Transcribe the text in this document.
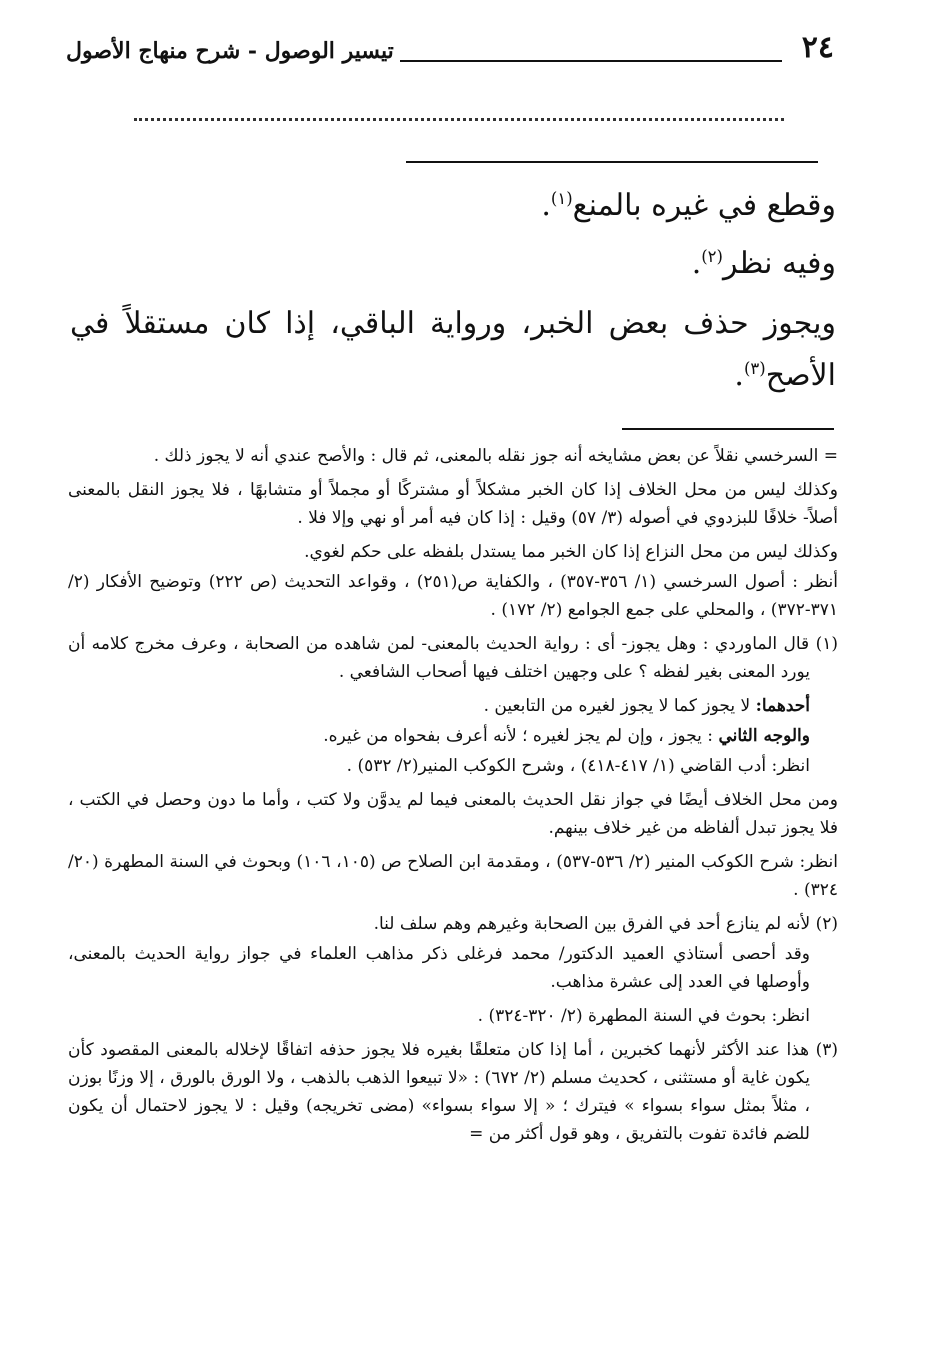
٢٤
تيسير الوصول - شرح منهاج الأصول
وقطع في غيره بالمنع$^{(١)}$.
وفيه نظر$^{(٢)}$.
ويجوز حذف بعض الخبر، ورواية الباقي، إذا كان مستقلاً في الأصح$^{(٣)}$.

= السرخسي نقلاً عن بعض مشايخه أنه جوز نقله بالمعنى، ثم قال : والأصح عندي أنه لا يجوز ذلك .

وكذلك ليس من محل الخلاف إذا كان الخبر مشكلاً أو مشتركًا أو مجملاً أو متشابهًا ، فلا يجوز النقل بالمعنى أصلاً- خلافًا للبزدوي في أصوله (٣/ ٥٧) وقيل : إذا كان فيه أمر أو نهي وإلا فلا .

وكذلك ليس من محل النزاع إذا كان الخبر مما يستدل بلفظه على حكم لغوي.

أنظر : أصول السرخسي (١/ ٣٥٦-٣٥٧) ، والكفاية ص(٢٥١) ، وقواعد التحديث (ص ٢٢٢) وتوضيح الأفكار (٢/ ٣٧١-٣٧٢) ، والمحلي على جمع الجوامع (٢/ ١٧٢) .

(١) قال الماوردي : وهل يجوز- أى : رواية الحديث بالمعنى- لمن شاهده من الصحابة ، وعرف مخرج كلامه أن يورد المعنى بغير لفظه ؟ على وجهين اختلف فيها أصحاب الشافعي .

أحدهما: لا يجوز كما لا يجوز لغيره من التابعين .

والوجه الثاني : يجوز ، وإن لم يجز لغيره ؛ لأنه أعرف بفحواه من غيره.

انظر: أدب القاضي (١/ ٤١٧-٤١٨) ، وشرح الكوكب المنير(٢/ ٥٣٢) .

ومن محل الخلاف أيضًا في جواز نقل الحديث بالمعنى فيما لم يدوَّن ولا كتب ، وأما ما دون وحصل في الكتب ، فلا يجوز تبدل ألفاظه من غير خلاف بينهم.

انظر: شرح الكوكب المنير (٢/ ٥٣٦-٥٣٧) ، ومقدمة ابن الصلاح ص (١٠٥، ١٠٦) وبحوث في السنة المطهرة (٢٠/ ٣٢٤) .

(٢) لأنه لم ينازع أحد في الفرق بين الصحابة وغيرهم وهم سلف لنا.

وقد أحصى أستاذي العميد الدكتور/ محمد فرغلى ذكر مذاهب العلماء في جواز رواية الحديث بالمعنى، وأوصلها في العدد إلى عشرة مذاهب.

انظر: بحوث في السنة المطهرة (٢/ ٣٢٠-٣٢٤) .

(٣) هذا عند الأكثر لأنهما كخبرين ، أما إذا كان متعلقًا بغيره فلا يجوز حذفه اتفاقًا لإخلاله بالمعنى المقصود كأن يكون غاية أو مستثنى ، كحديث مسلم (٢/ ٦٧٢) : «لا تبيعوا الذهب بالذهب ، ولا الورق بالورق ، إلا وزنًا بوزن ، مثلاً بمثل سواء بسواء » فيترك ؛ « إلا سواء بسواء» (مضى تخريجه) وقيل : لا يجوز لاحتمال أن يكون للضم فائدة تفوت بالتفريق ، وهو قول أكثر من =
